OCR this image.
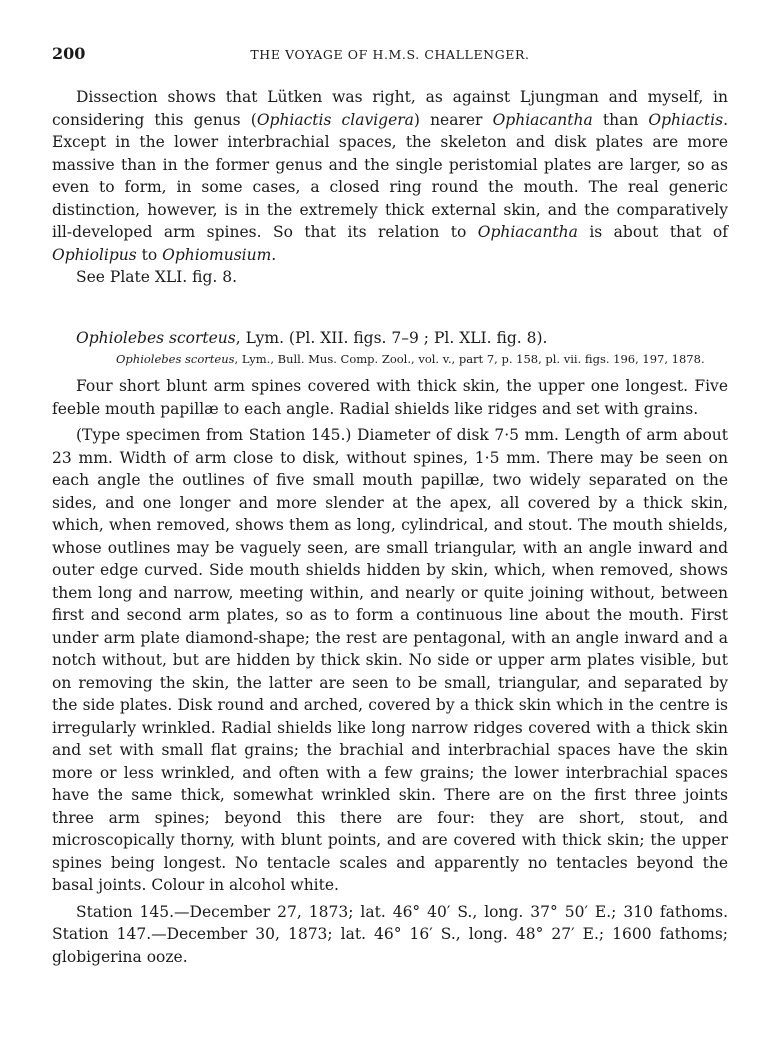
200	THE VOYAGE OF H.M.S. CHALLENGER.

Dissection shows that Lütken was right, as against Ljungman and myself, in considering this genus (Ophiactis clavigera) nearer Ophiacantha than Ophiactis. Except in the lower interbrachial spaces, the skeleton and disk plates are more massive than in the former genus and the single peristomial plates are larger, so as even to form, in some cases, a closed ring round the mouth. The real generic distinction, however, is in the extremely thick external skin, and the comparatively ill-developed arm spines. So that its relation to Ophiacantha is about that of Ophiolipus to Ophiomusium.

See Plate XLI. fig. 8.

Ophiolebes scorteus, Lym. (Pl. XII. figs. 7–9 ; Pl. XLI. fig. 8).

Ophiolebes scorteus, Lym., Bull. Mus. Comp. Zool., vol. v., part 7, p. 158, pl. vii. figs. 196, 197, 1878.

Four short blunt arm spines covered with thick skin, the upper one longest. Five feeble mouth papillæ to each angle. Radial shields like ridges and set with grains.

(Type specimen from Station 145.) Diameter of disk 7·5 mm. Length of arm about 23 mm. Width of arm close to disk, without spines, 1·5 mm. There may be seen on each angle the outlines of five small mouth papillæ, two widely separated on the sides, and one longer and more slender at the apex, all covered by a thick skin, which, when removed, shows them as long, cylindrical, and stout. The mouth shields, whose outlines may be vaguely seen, are small triangular, with an angle inward and outer edge curved. Side mouth shields hidden by skin, which, when removed, shows them long and narrow, meeting within, and nearly or quite joining without, between first and second arm plates, so as to form a continuous line about the mouth. First under arm plate diamond-shape; the rest are pentagonal, with an angle inward and a notch without, but are hidden by thick skin. No side or upper arm plates visible, but on removing the skin, the latter are seen to be small, triangular, and separated by the side plates. Disk round and arched, covered by a thick skin which in the centre is irregularly wrinkled. Radial shields like long narrow ridges covered with a thick skin and set with small flat grains; the brachial and interbrachial spaces have the skin more or less wrinkled, and often with a few grains; the lower interbrachial spaces have the same thick, somewhat wrinkled skin. There are on the first three joints three arm spines; beyond this there are four: they are short, stout, and microscopically thorny, with blunt points, and are covered with thick skin; the upper spines being longest. No tentacle scales and apparently no tentacles beyond the basal joints. Colour in alcohol white.

Station 145.—December 27, 1873; lat. 46° 40′ S., long. 37° 50′ E.; 310 fathoms. Station 147.—December 30, 1873; lat. 46° 16′ S., long. 48° 27′ E.; 1600 fathoms; globigerina ooze.
